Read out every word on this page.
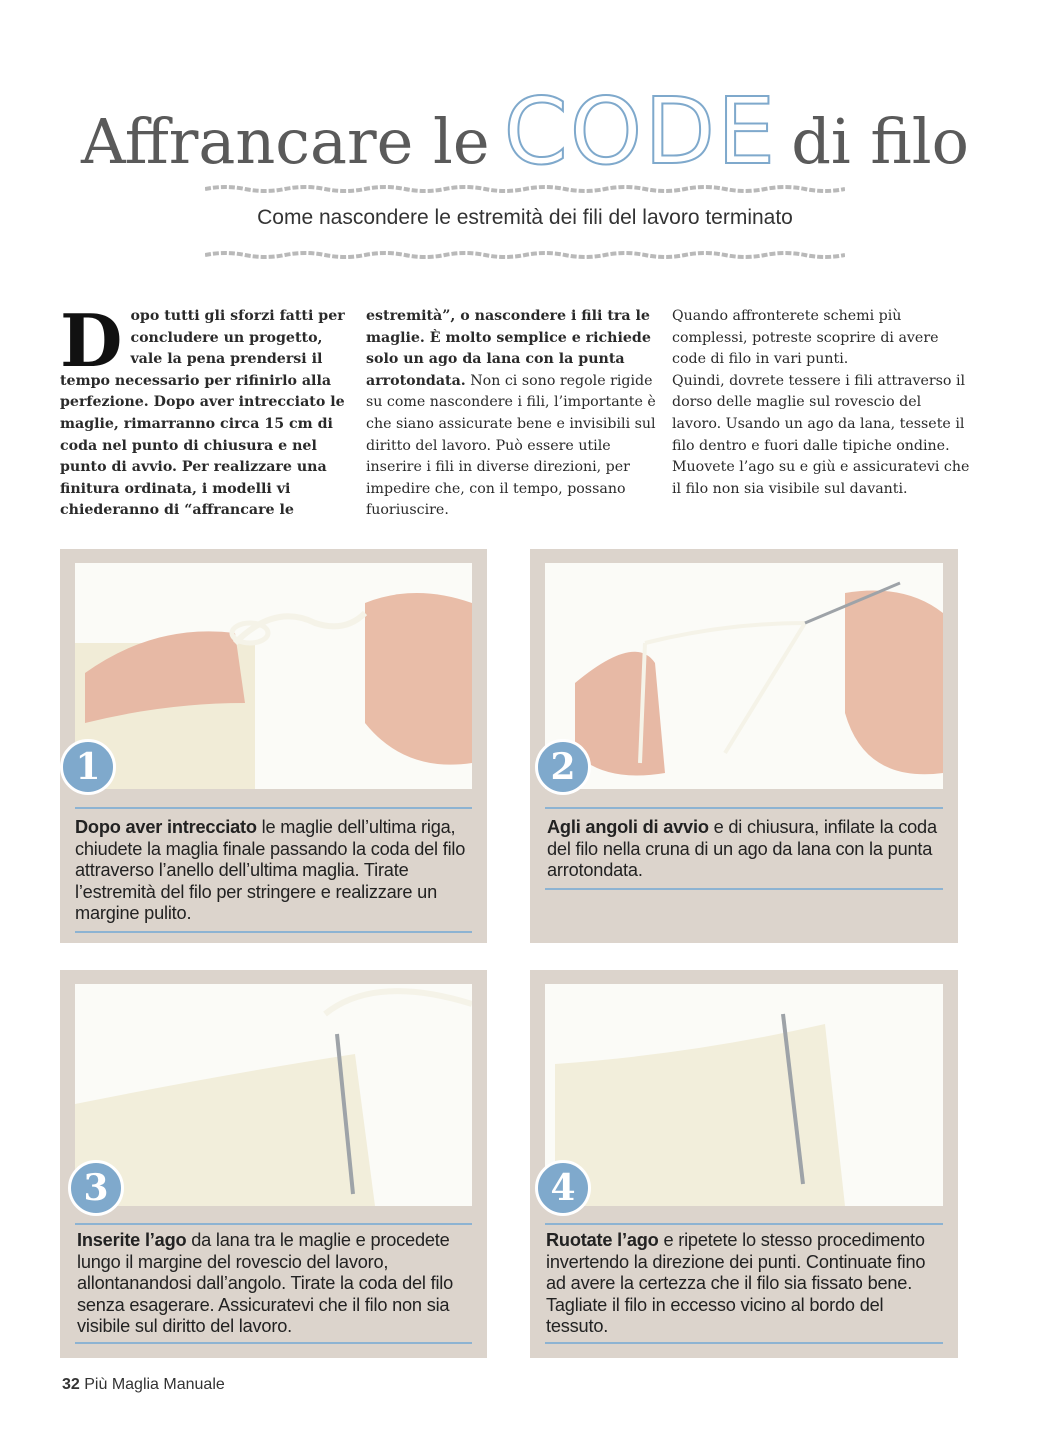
Affrancare le CODE di filo
Come nascondere le estremità dei fili del lavoro terminato
Dopo tutti gli sforzi fatti per concludere un progetto, vale la pena prendersi il tempo necessario per rifinirlo alla perfezione. Dopo aver intrecciato le maglie, rimarranno circa 15 cm di coda nel punto di chiusura e nel punto di avvio. Per realizzare una finitura ordinata, i modelli vi chiederanno di “affrancare le
estremità”, o nascondere i fili tra le maglie. È molto semplice e richiede solo un ago da lana con la punta arrotondata. Non ci sono regole rigide su come nascondere i fili, l’importante è che siano assicurate bene e invisibili sul diritto del lavoro. Può essere utile inserire i fili in diverse direzioni, per impedire che, con il tempo, possano fuoriuscire.
Quando affronterete schemi più complessi, potreste scoprire di avere code di filo in vari punti.
Quindi, dovrete tessere i fili attraverso il dorso delle maglie sul rovescio del lavoro. Usando un ago da lana, tessete il filo dentro e fuori dalle tipiche ondine. Muovete l’ago su e giù e assicuratevi che il filo non sia visibile sul davanti.
1
Dopo aver intrecciato le maglie dell’ultima riga, chiudete la maglia finale passando la coda del filo attraverso l’anello dell’ultima maglia. Tirate l’estremità del filo per stringere e realizzare un margine pulito.
2
Agli angoli di avvio e di chiusura, infilate la coda del filo nella cruna di un ago da lana con la punta arrotondata.
3
Inserite l’ago da lana tra le maglie e procedete lungo il margine del rovescio del lavoro, allontanandosi dall’angolo. Tirate la coda del filo senza esagerare. Assicuratevi che il filo non sia visibile sul diritto del lavoro.
4
Ruotate l’ago e ripetete lo stesso procedimento invertendo la direzione dei punti. Continuate fino ad avere la certezza che il filo sia fissato bene. Tagliate il filo in eccesso vicino al bordo del tessuto.
32 Più Maglia Manuale
